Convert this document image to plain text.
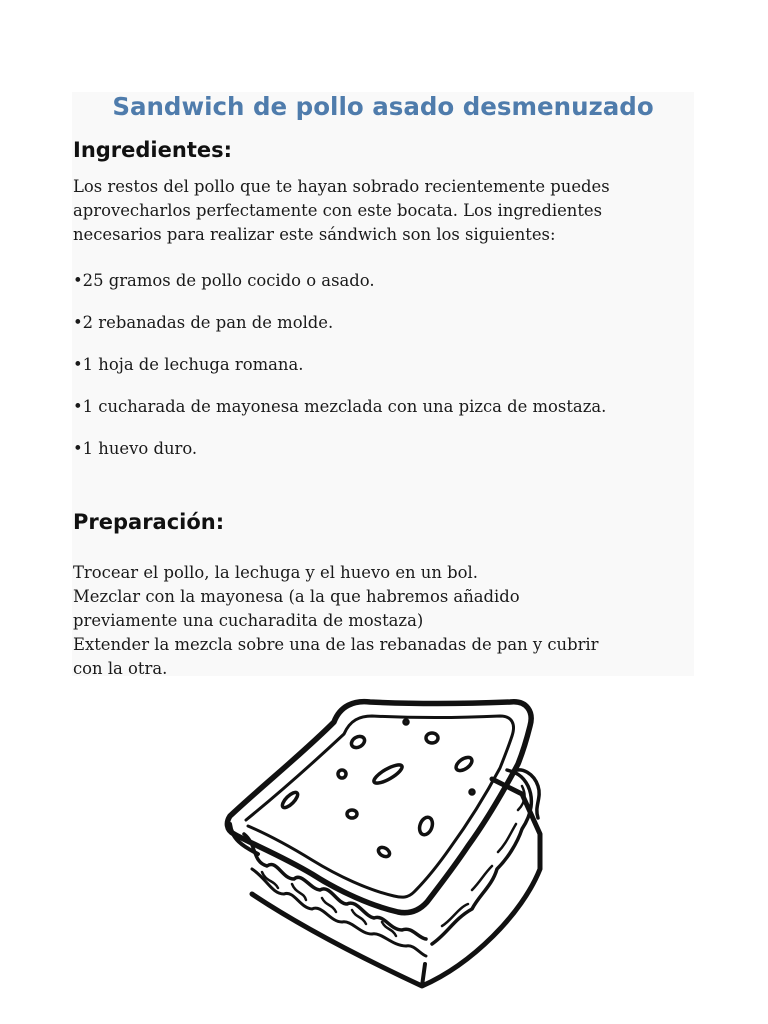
Sandwich de pollo asado desmenuzado
Ingredientes:

Los restos del pollo que te hayan sobrado recientemente puedes
aprovecharlos perfectamente con este bocata. Los ingredientes
necesarios para realizar este sándwich son los siguientes:

•25 gramos de pollo cocido o asado.

•2 rebanadas de pan de molde.

•1 hoja de lechuga romana.

•1 cucharada de mayonesa mezclada con una pizca de mostaza.

•1 huevo duro.

Preparación:

Trocear el pollo, la lechuga y el huevo en un bol.
Mezclar con la mayonesa (a la que habremos añadido
previamente una cucharadita de mostaza)
Extender la mezcla sobre una de las rebanadas de pan y cubrir
con la otra.
